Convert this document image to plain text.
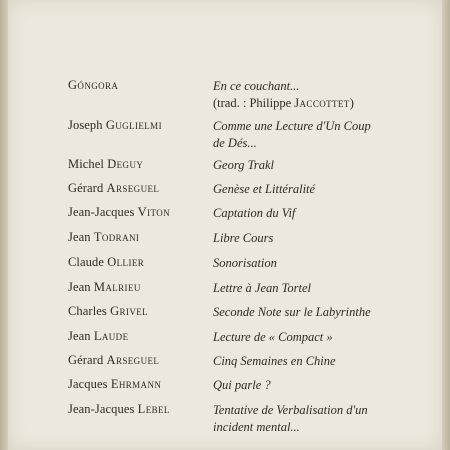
Góngora	En ce couchant...
(trad. : Philippe Jaccottet)
Joseph Guglielmi	Comme une Lecture d'Un Coup
de Dés...
Michel Deguy	Georg Trakl
Gérard Arseguel	Genèse et Littéralité
Jean-Jacques Viton	Captation du Vif
Jean Todrani	Libre Cours
Claude Ollier	Sonorisation
Jean Malrieu	Lettre à Jean Tortel
Charles Grivel	Seconde Note sur le Labyrinthe
Jean Laude	Lecture de « Compact »
Gérard Arseguel	Cinq Semaines en Chine
Jacques Ehrmann	Qui parle ?
Jean-Jacques Lebel	Tentative de Verbalisation d'un
incident mental...
